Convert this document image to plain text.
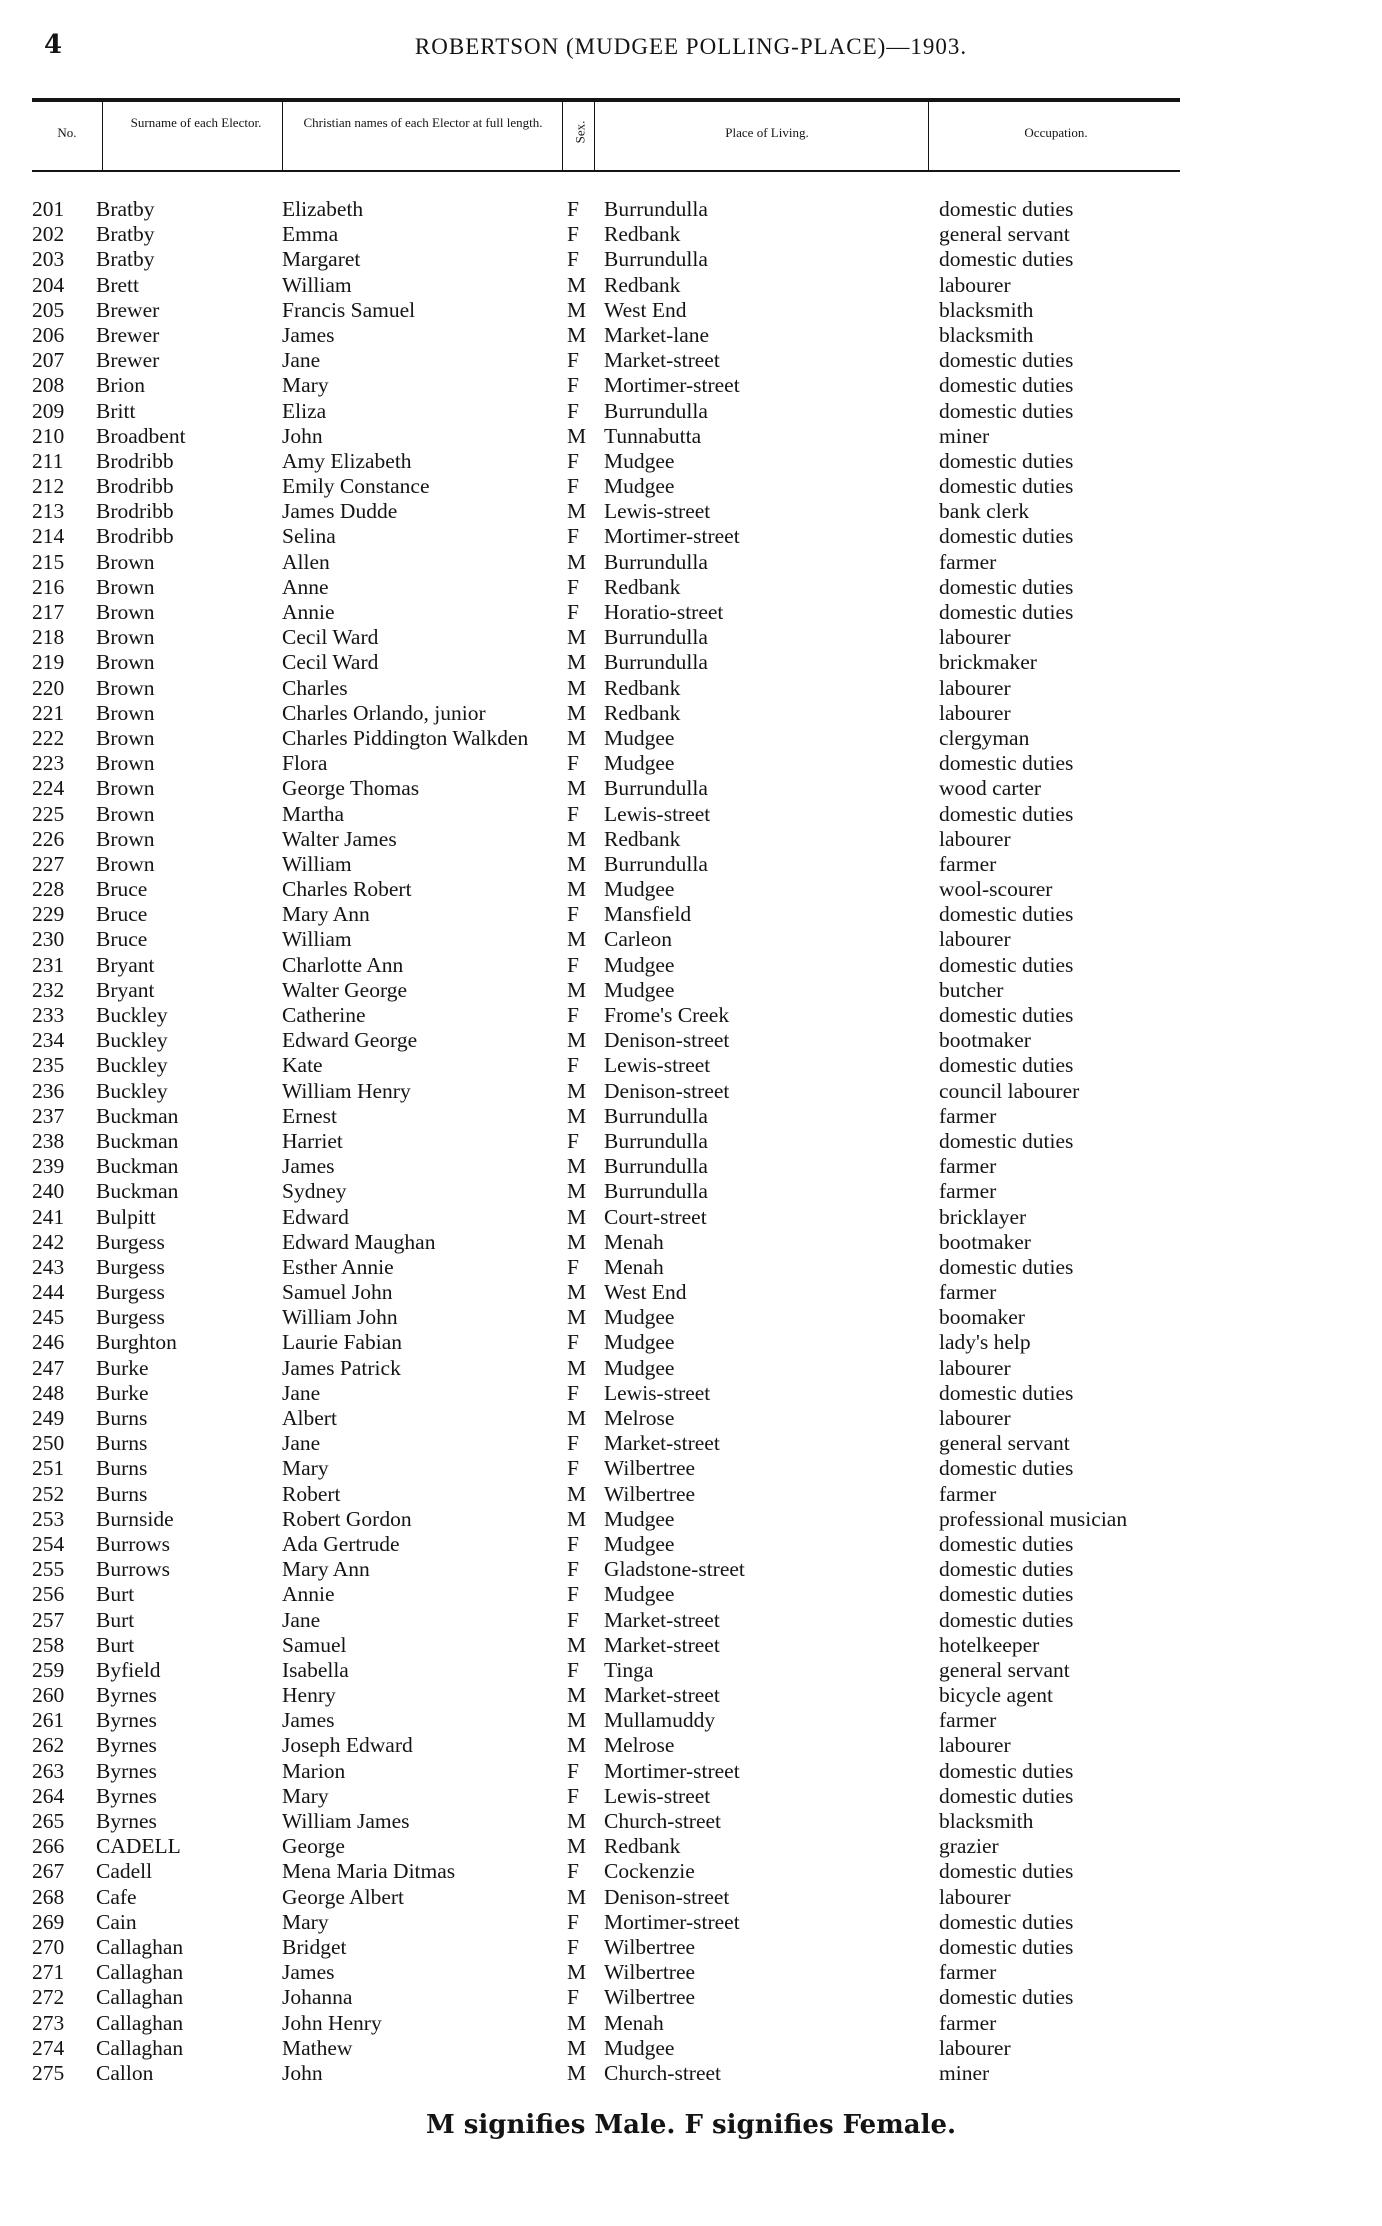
4	ROBERTSON (MUDGEE POLLING-PLACE)—1903.
No.
Surname of each Elector.	Christian names of each Elector at full length.	Sex.	Place of Living.	Occupation.
201	Bratby	Elizabeth	F Burrundulla	domestic duties
202	Bratby	Emma	F Redbank	general servant
203	Bratby	Margaret	F Burrundulla	domestic duties
204	Brett	William	M Redbank	labourer
205	Brewer	Francis Samuel	M West End	blacksmith
206	Brewer	James	M Market-lane	blacksmith
207	Brewer	Jane	F Market-street	domestic duties
208	Brion	Mary	F Mortimer-street	domestic duties
209	Britt	Eliza	F Burrundulla	domestic duties
210	Broadbent	John	M Tunnabutta	miner
211	Brodribb	Amy Elizabeth	F Mudgee	domestic duties
212	Brodribb	Emily Constance	F Mudgee	domestic duties
213	Brodribb	James Dudde	M Lewis-street	bank clerk
214	Brodribb	Selina	F Mortimer-street	domestic duties
215	Brown	Allen	M Burrundulla	farmer
216	Brown	Anne	F Redbank	domestic duties
217	Brown	Annie	F Horatio-street	domestic duties
218	Brown	Cecil Ward	M Burrundulla	labourer
219	Brown	Cecil Ward	M Burrundulla	brickmaker
220	Brown	Charles	M Redbank	labourer
221	Brown	Charles Orlando, junior	M Redbank	labourer
222	Brown	Charles Piddington Walkden M Mudgee	clergyman
223	Brown	Flora	F Mudgee	domestic duties
224	Brown	George Thomas	M Burrundulla	wood carter
225	Brown	Martha	F Lewis-street	domestic duties
226	Brown	Walter James	M Redbank	labourer
227	Brown	William	M Burrundulla	farmer
228	Bruce	Charles Robert	M Mudgee	wool-scourer
229	Bruce	Mary Ann	F Mansfield	domestic duties
230	Bruce	William	M Carleon	labourer
231	Bryant	Charlotte Ann	F Mudgee	domestic duties
232	Bryant	Walter George	M Mudgee	butcher
233	Buckley	Catherine	F Frome's Creek	domestic duties
234	Buckley	Edward George	M Denison-street	bootmaker
235	Buckley	Kate	F Lewis-street	domestic duties
236	Buckley	William Henry	M Denison-street	council labourer
237	Buckman	Ernest	M Burrundulla	farmer
238	Buckman	Harriet	F Burrundulla	domestic duties
239	Buckman	James	M Burrundulla	farmer
240	Buckman	Sydney	M Burrundulla	farmer
241	Bulpitt	Edward	M Court-street	bricklayer
242	Burgess	Edward Maughan	M Menah	bootmaker
243	Burgess	Esther Annie	F Menah	domestic duties
244	Burgess	Samuel John	M West End	farmer
245	Burgess	William John	M Mudgee	boomaker
246	Burghton	Laurie Fabian	F Mudgee	lady's help
247	Burke	James Patrick	M Mudgee	labourer
248	Burke	Jane	F Lewis-street	domestic duties
249	Burns	Albert	M Melrose	labourer
250	Burns	Jane	F Market-street	general servant
251	Burns	Mary	F Wilbertree	domestic duties
252	Burns	Robert	M Wilbertree	farmer
253	Burnside	Robert Gordon	M Mudgee	professional musician
254	Burrows	Ada Gertrude	F Mudgee	domestic duties
255	Burrows	Mary Ann	F Gladstone-street	domestic duties
256	Burt	Annie	F Mudgee	domestic duties
257	Burt	Jane	F Market-street	domestic duties
258	Burt	Samuel	M Market-street	hotelkeeper
259	Byfield	Isabella	F Tinga	general servant
260	Byrnes	Henry	M Market-street	bicycle agent
261	Byrnes	James	M Mullamuddy	farmer
262	Byrnes	Joseph Edward	M Melrose	labourer
263	Byrnes	Marion	F Mortimer-street	domestic duties
264	Byrnes	Mary	F Lewis-street	domestic duties
265	Byrnes	William James	M Church-street	blacksmith
266	CADELL	George	M Redbank	grazier
267	Cadell	Mena Maria Ditmas	F Cockenzie	domestic duties
268	Cafe	George Albert	M Denison-street	labourer
269	Cain	Mary	F Mortimer-street	domestic duties
270	Callaghan	Bridget	F Wilbertree	domestic duties
271	Callaghan	James	M Wilbertree	farmer
272	Callaghan	Johanna	F Wilbertree	domestic duties
273	Callaghan	John Henry	M Menah	farmer
274	Callaghan	Mathew	M Mudgee	labourer
275	Callon	John	M Church-street	miner
M signifies Male. F signifies Female.
